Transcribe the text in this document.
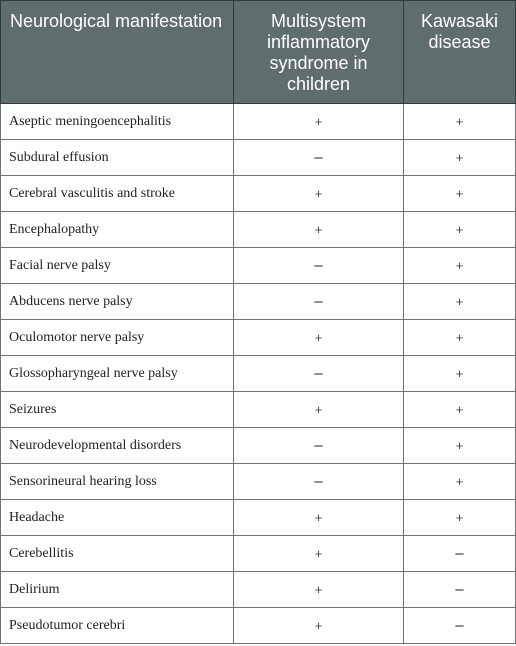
Neurological manifestation	Multisystem inflammatory syndrome in children	Kawasaki disease
Aseptic meningoencephalitis	+	+
Subdural effusion	–	+
Cerebral vasculitis and stroke	+	+
Encephalopathy	+	+
Facial nerve palsy	–	+
Abducens nerve palsy	–	+
Oculomotor nerve palsy	+	+
Glossopharyngeal nerve palsy	–	+
Seizures	+	+
Neurodevelopmental disorders	–	+
Sensorineural hearing loss	–	+
Headache	+	+
Cerebellitis	+	–
Delirium	+	–
Pseudotumor cerebri	+	–
